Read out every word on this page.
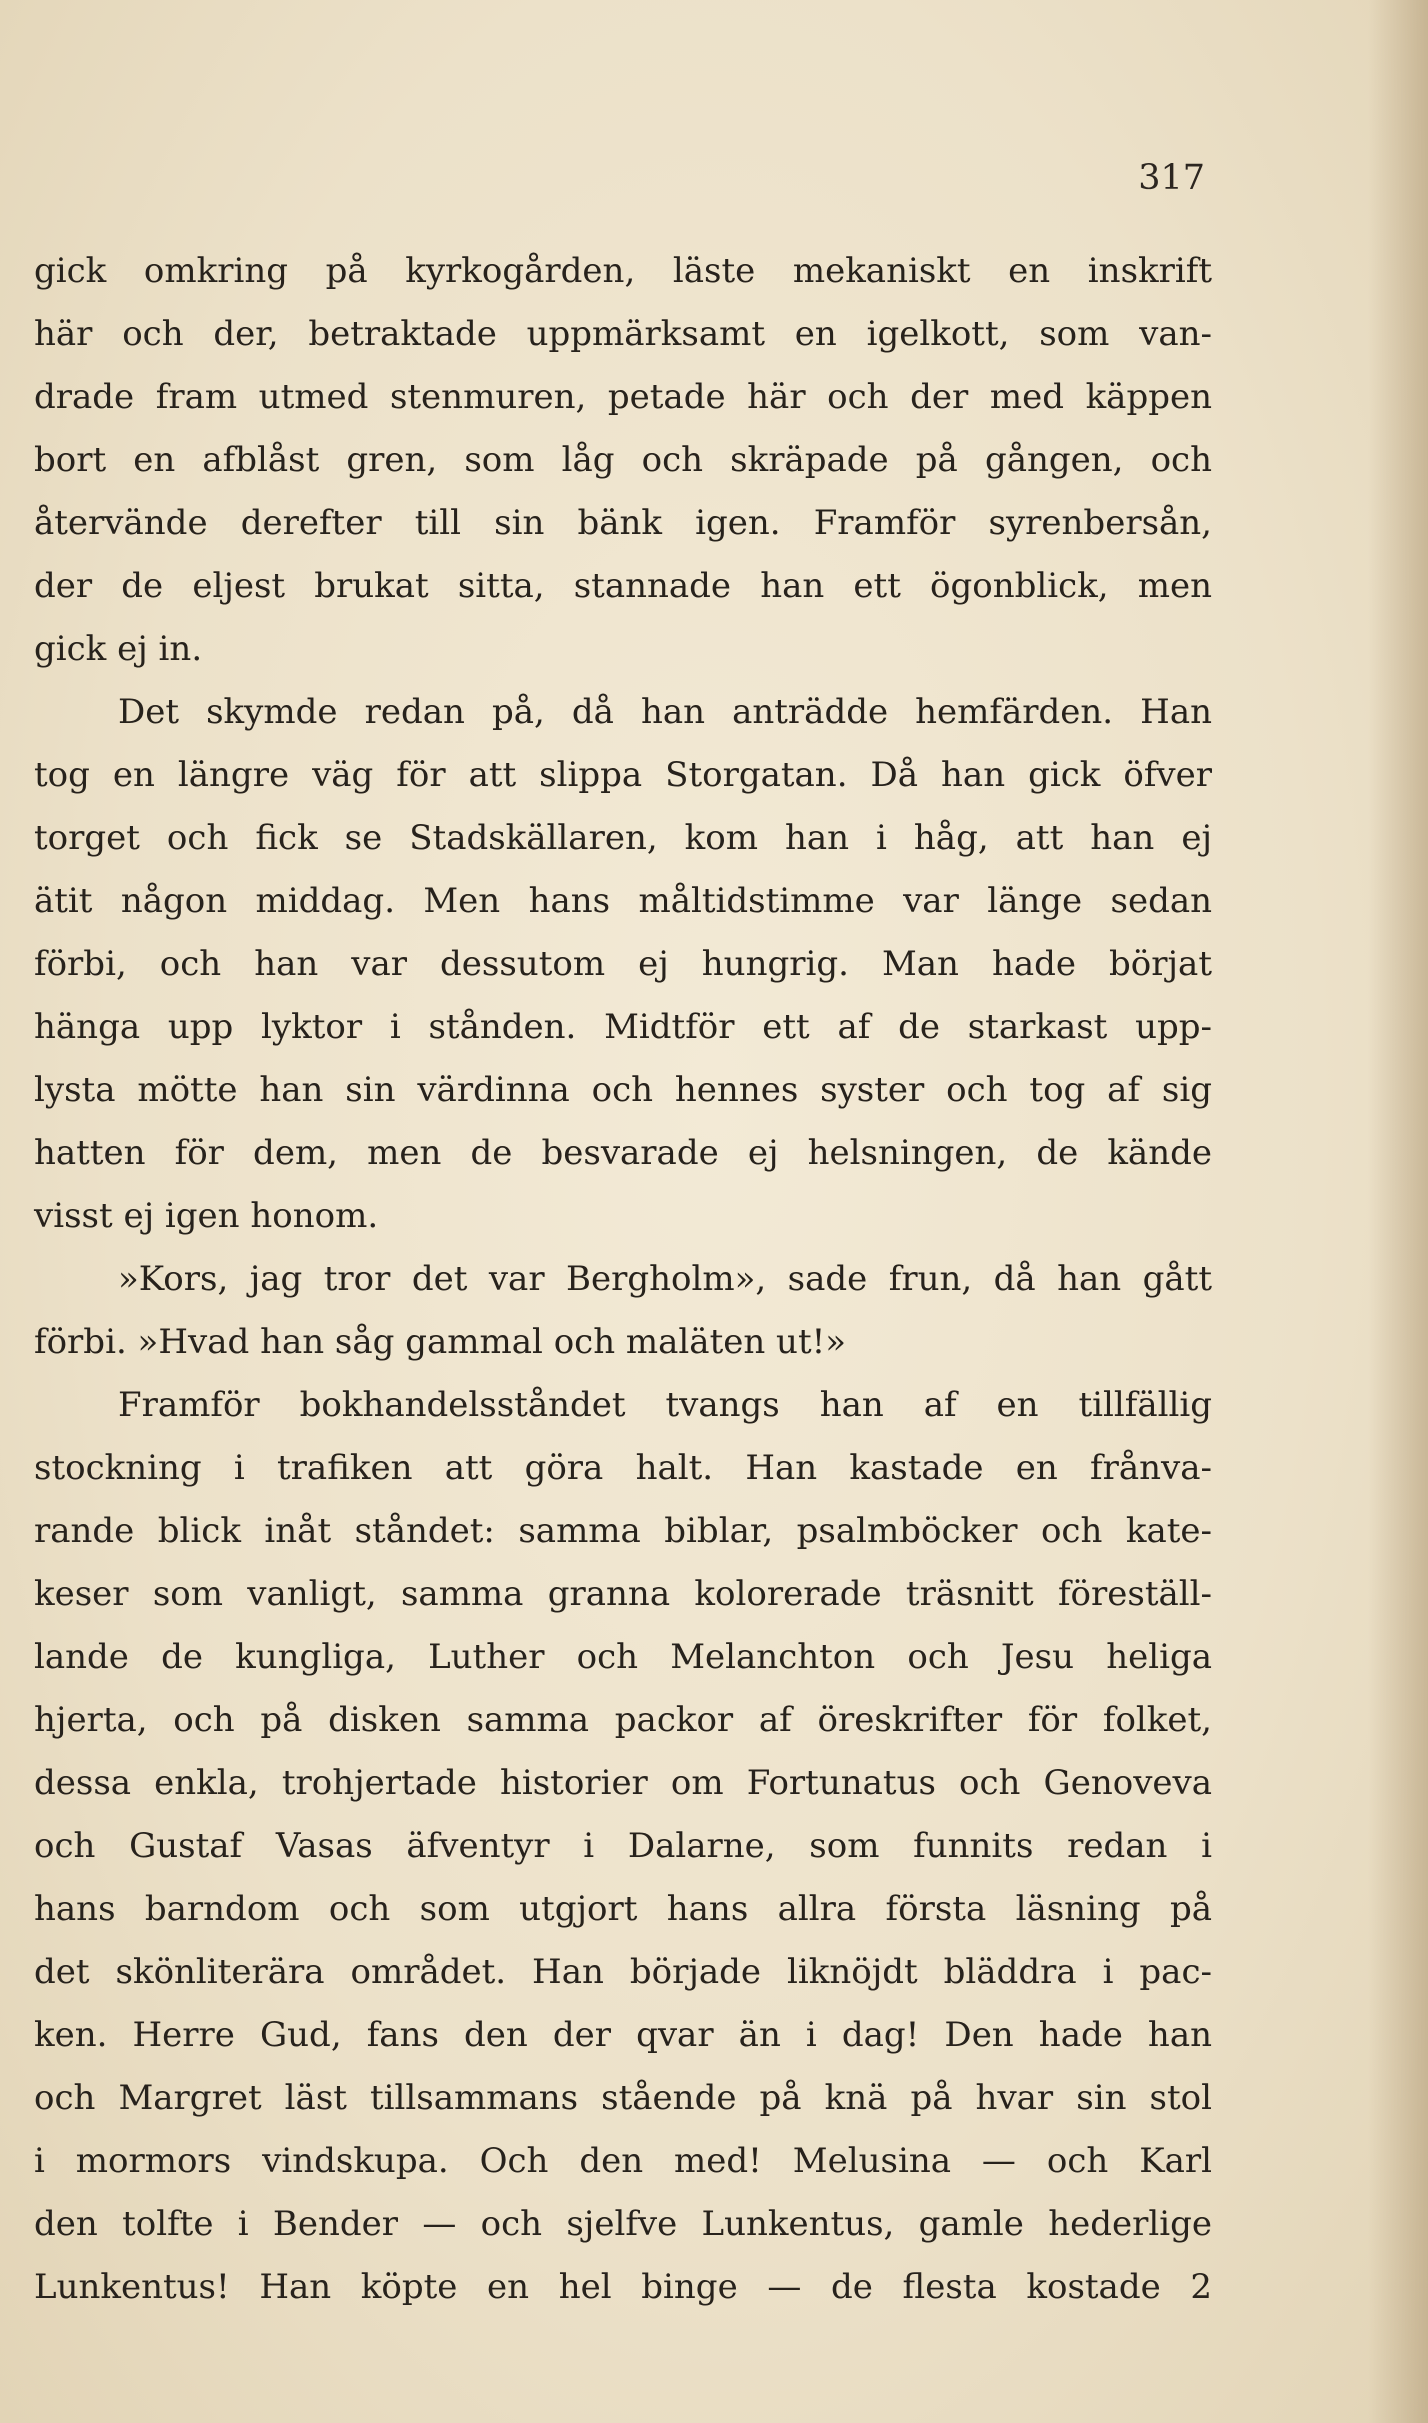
317

gick omkring på kyrkogården, läste mekaniskt en inskrift
här och der, betraktade uppmärksamt en igelkott, som van-
drade fram utmed stenmuren, petade här och der med käppen
bort en afblåst gren, som låg och skräpade på gången, och
återvände derefter till sin bänk igen. Framför syrenbersån,
der de eljest brukat sitta, stannade han ett ögonblick, men
gick ej in.
Det skymde redan på, då han anträdde hemfärden. Han
tog en längre väg för att slippa Storgatan. Då han gick öfver
torget och fick se Stadskällaren, kom han i håg, att han ej
ätit någon middag. Men hans måltidstimme var länge sedan
förbi, och han var dessutom ej hungrig. Man hade börjat
hänga upp lyktor i stånden. Midtför ett af de starkast upp-
lysta mötte han sin värdinna och hennes syster och tog af sig
hatten för dem, men de besvarade ej helsningen, de kände
visst ej igen honom.
»Kors, jag tror det var Bergholm», sade frun, då han gått
förbi. »Hvad han såg gammal och maläten ut!»
Framför bokhandelsståndet tvangs han af en tillfällig
stockning i trafiken att göra halt. Han kastade en frånva-
rande blick inåt ståndet: samma biblar, psalmböcker och kate-
keser som vanligt, samma granna kolorerade träsnitt föreställ-
lande de kungliga, Luther och Melanchton och Jesu heliga
hjerta, och på disken samma packor af öreskrifter för folket,
dessa enkla, trohjertade historier om Fortunatus och Genoveva
och Gustaf Vasas äfventyr i Dalarne, som funnits redan i
hans barndom och som utgjort hans allra första läsning på
det skönliterära området. Han började liknöjdt bläddra i pac-
ken. Herre Gud, fans den der qvar än i dag! Den hade han
och Margret läst tillsammans stående på knä på hvar sin stol
i mormors vindskupa. Och den med! Melusina — och Karl
den tolfte i Bender — och sjelfve Lunkentus, gamle hederlige
Lunkentus! Han köpte en hel binge — de flesta kostade 2
